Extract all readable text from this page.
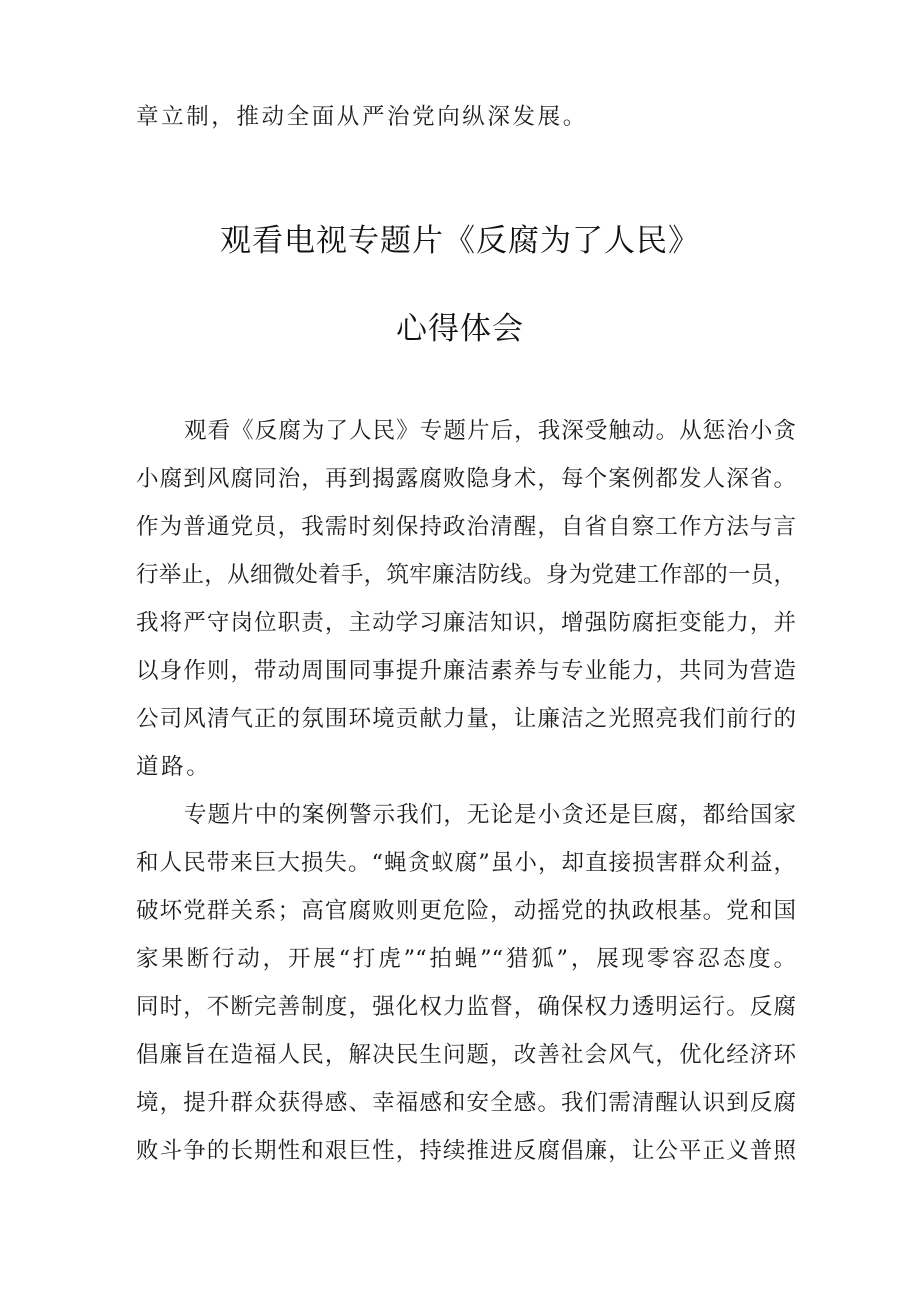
章立制，推动全面从严治党向纵深发展。
观看电视专题片《反腐为了人民》
心得体会
观看《反腐为了人民》专题片后，我深受触动。从惩治小贪
小腐到风腐同治，再到揭露腐败隐身术，每个案例都发人深省。
作为普通党员，我需时刻保持政治清醒，自省自察工作方法与言
行举止，从细微处着手，筑牢廉洁防线。身为党建工作部的一员，
我将严守岗位职责，主动学习廉洁知识，增强防腐拒变能力，并
以身作则，带动周围同事提升廉洁素养与专业能力，共同为营造
公司风清气正的氛围环境贡献力量，让廉洁之光照亮我们前行的
道路。
专题片中的案例警示我们，无论是小贪还是巨腐，都给国家
和人民带来巨大损失。“蝇贪蚁腐”虽小，却直接损害群众利益，
破坏党群关系；高官腐败则更危险，动摇党的执政根基。党和国
家果断行动，开展“打虎”“拍蝇”“猎狐”，展现零容忍态度。
同时，不断完善制度，强化权力监督，确保权力透明运行。反腐
倡廉旨在造福人民，解决民生问题，改善社会风气，优化经济环
境，提升群众获得感、幸福感和安全感。我们需清醒认识到反腐
败斗争的长期性和艰巨性，持续推进反腐倡廉，让公平正义普照
